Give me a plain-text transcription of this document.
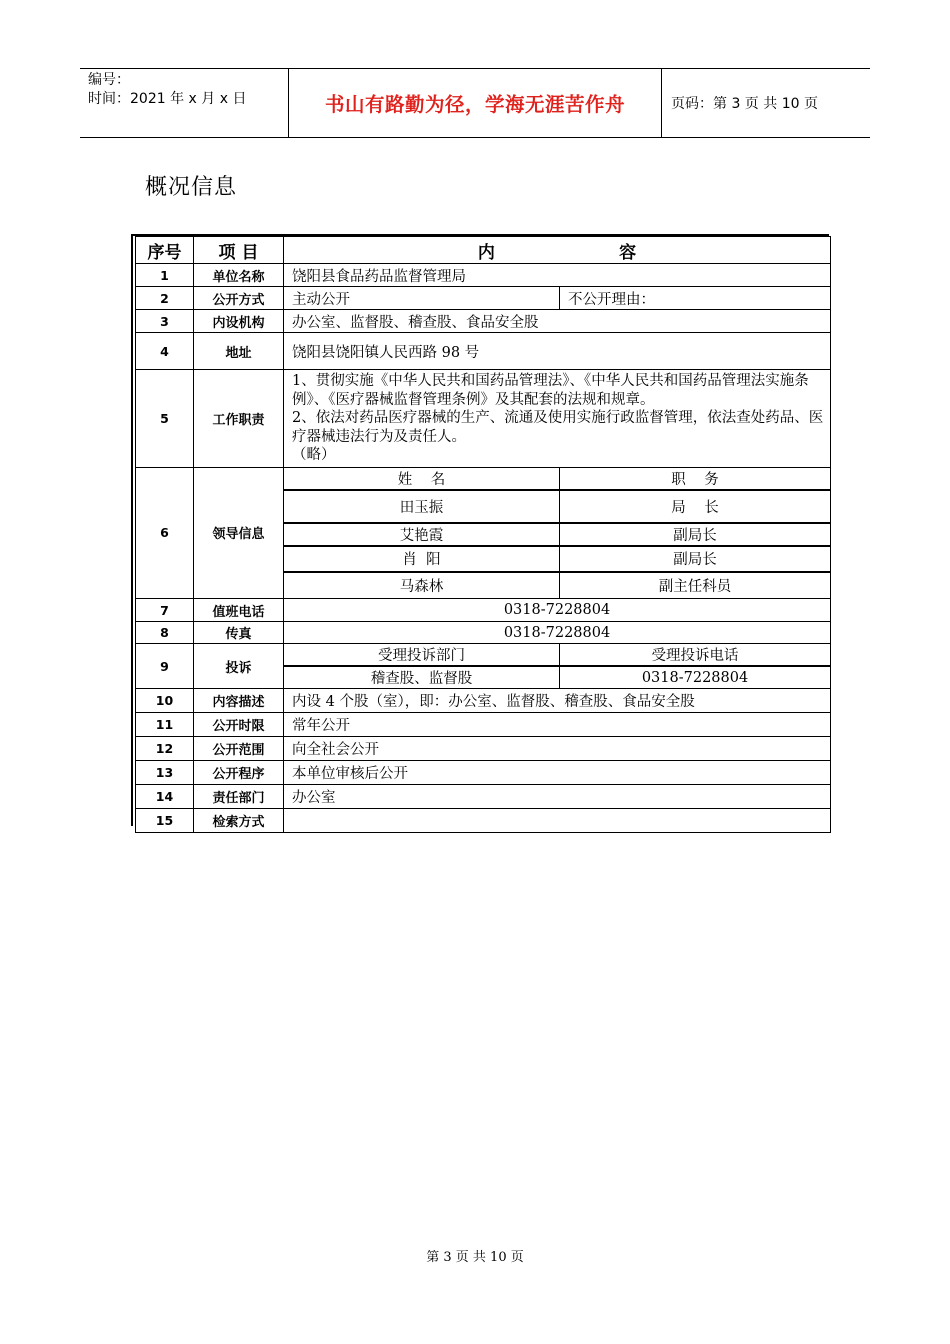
编号：
时间：2021 年 x 月 x 日	书山有路勤为径，学海无涯苦作舟	页码：第 3 页 共 10 页
概况信息
序号	项 目	内                     容	
1	单位名称	饶阳县食品药品监督管理局	
2	公开方式	主动公开	不公开理由：
3	内设机构	办公室、监督股、稽查股、食品安全股	
4	地址	饶阳县饶阳镇人民西路 98 号	
5	工作职责	1、贯彻实施《中华人民共和国药品管理法》、《中华人民共和国药品管理法实施条例》、《医疗器械监督管理条例》及其配套的法规和规章。
2、依法对药品医疗器械的生产、流通及使用实施行政监督管理，依法查处药品、医疗器械违法行为及责任人。
（略）	

6	领导信息	姓    名	职    务
		田玉振	局    长
		艾艳霞	副局长
		肖  阳	副局长
		马森林	副主任科员
7	值班电话	0318-7228804	
8	传真	0318-7228804	
9	投诉	受理投诉部门	受理投诉电话
		稽查股、监督股	0318-7228804
10	内容描述	内设 4 个股（室），即：办公室、监督股、稽查股、食品安全股	
11	公开时限	常年公开	
12	公开范围	向全社会公开	
13	公开程序	本单位审核后公开	
14	责任部门	办公室	
15	检索方式		
第 3 页 共 10 页
